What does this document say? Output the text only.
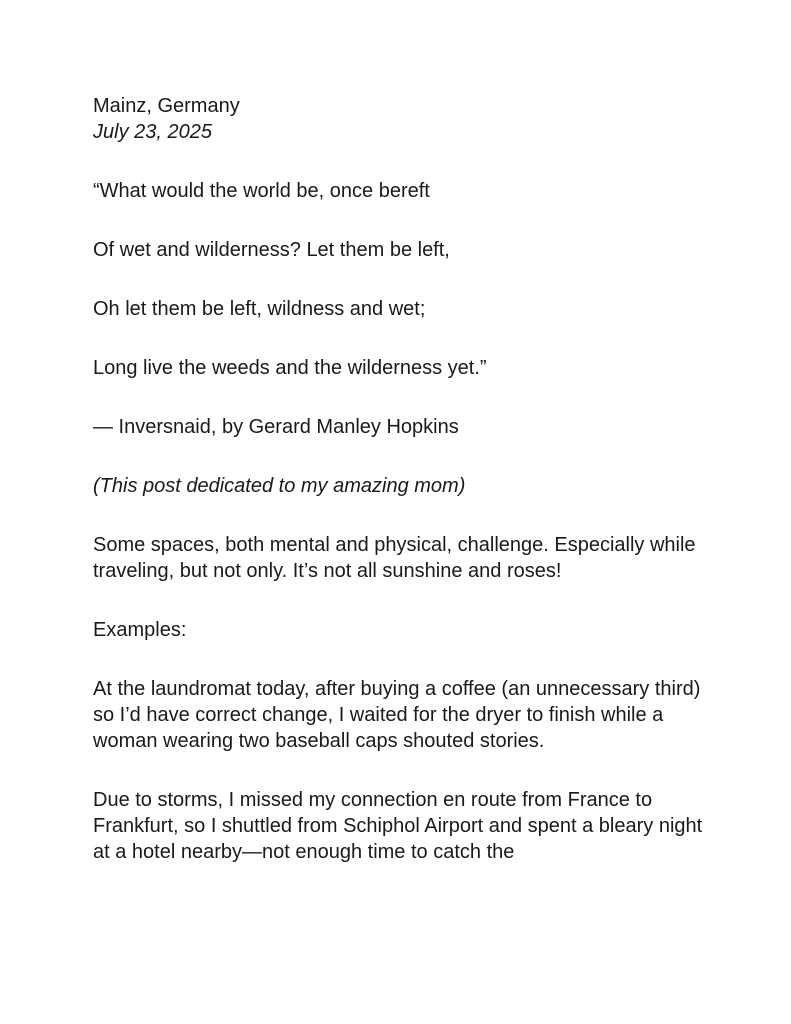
Mainz, Germany

July 23, 2025

“What would the world be, once bereft

Of wet and wilderness? Let them be left,

Oh let them be left, wildness and wet;

Long live the weeds and the wilderness yet.”

— Inversnaid, by Gerard Manley Hopkins

(This post dedicated to my amazing mom)

Some spaces, both mental and physical, challenge. Especially while traveling, but not only. It’s not all sunshine and roses!

Examples:

At the laundromat today, after buying a coffee (an unnecessary third) so I’d have correct change, I waited for the dryer to finish while a woman wearing two baseball caps shouted stories.

Due to storms, I missed my connection en route from France to Frankfurt, so I shuttled from Schiphol Airport and spent a bleary night at a hotel nearby—not enough time to catch the
